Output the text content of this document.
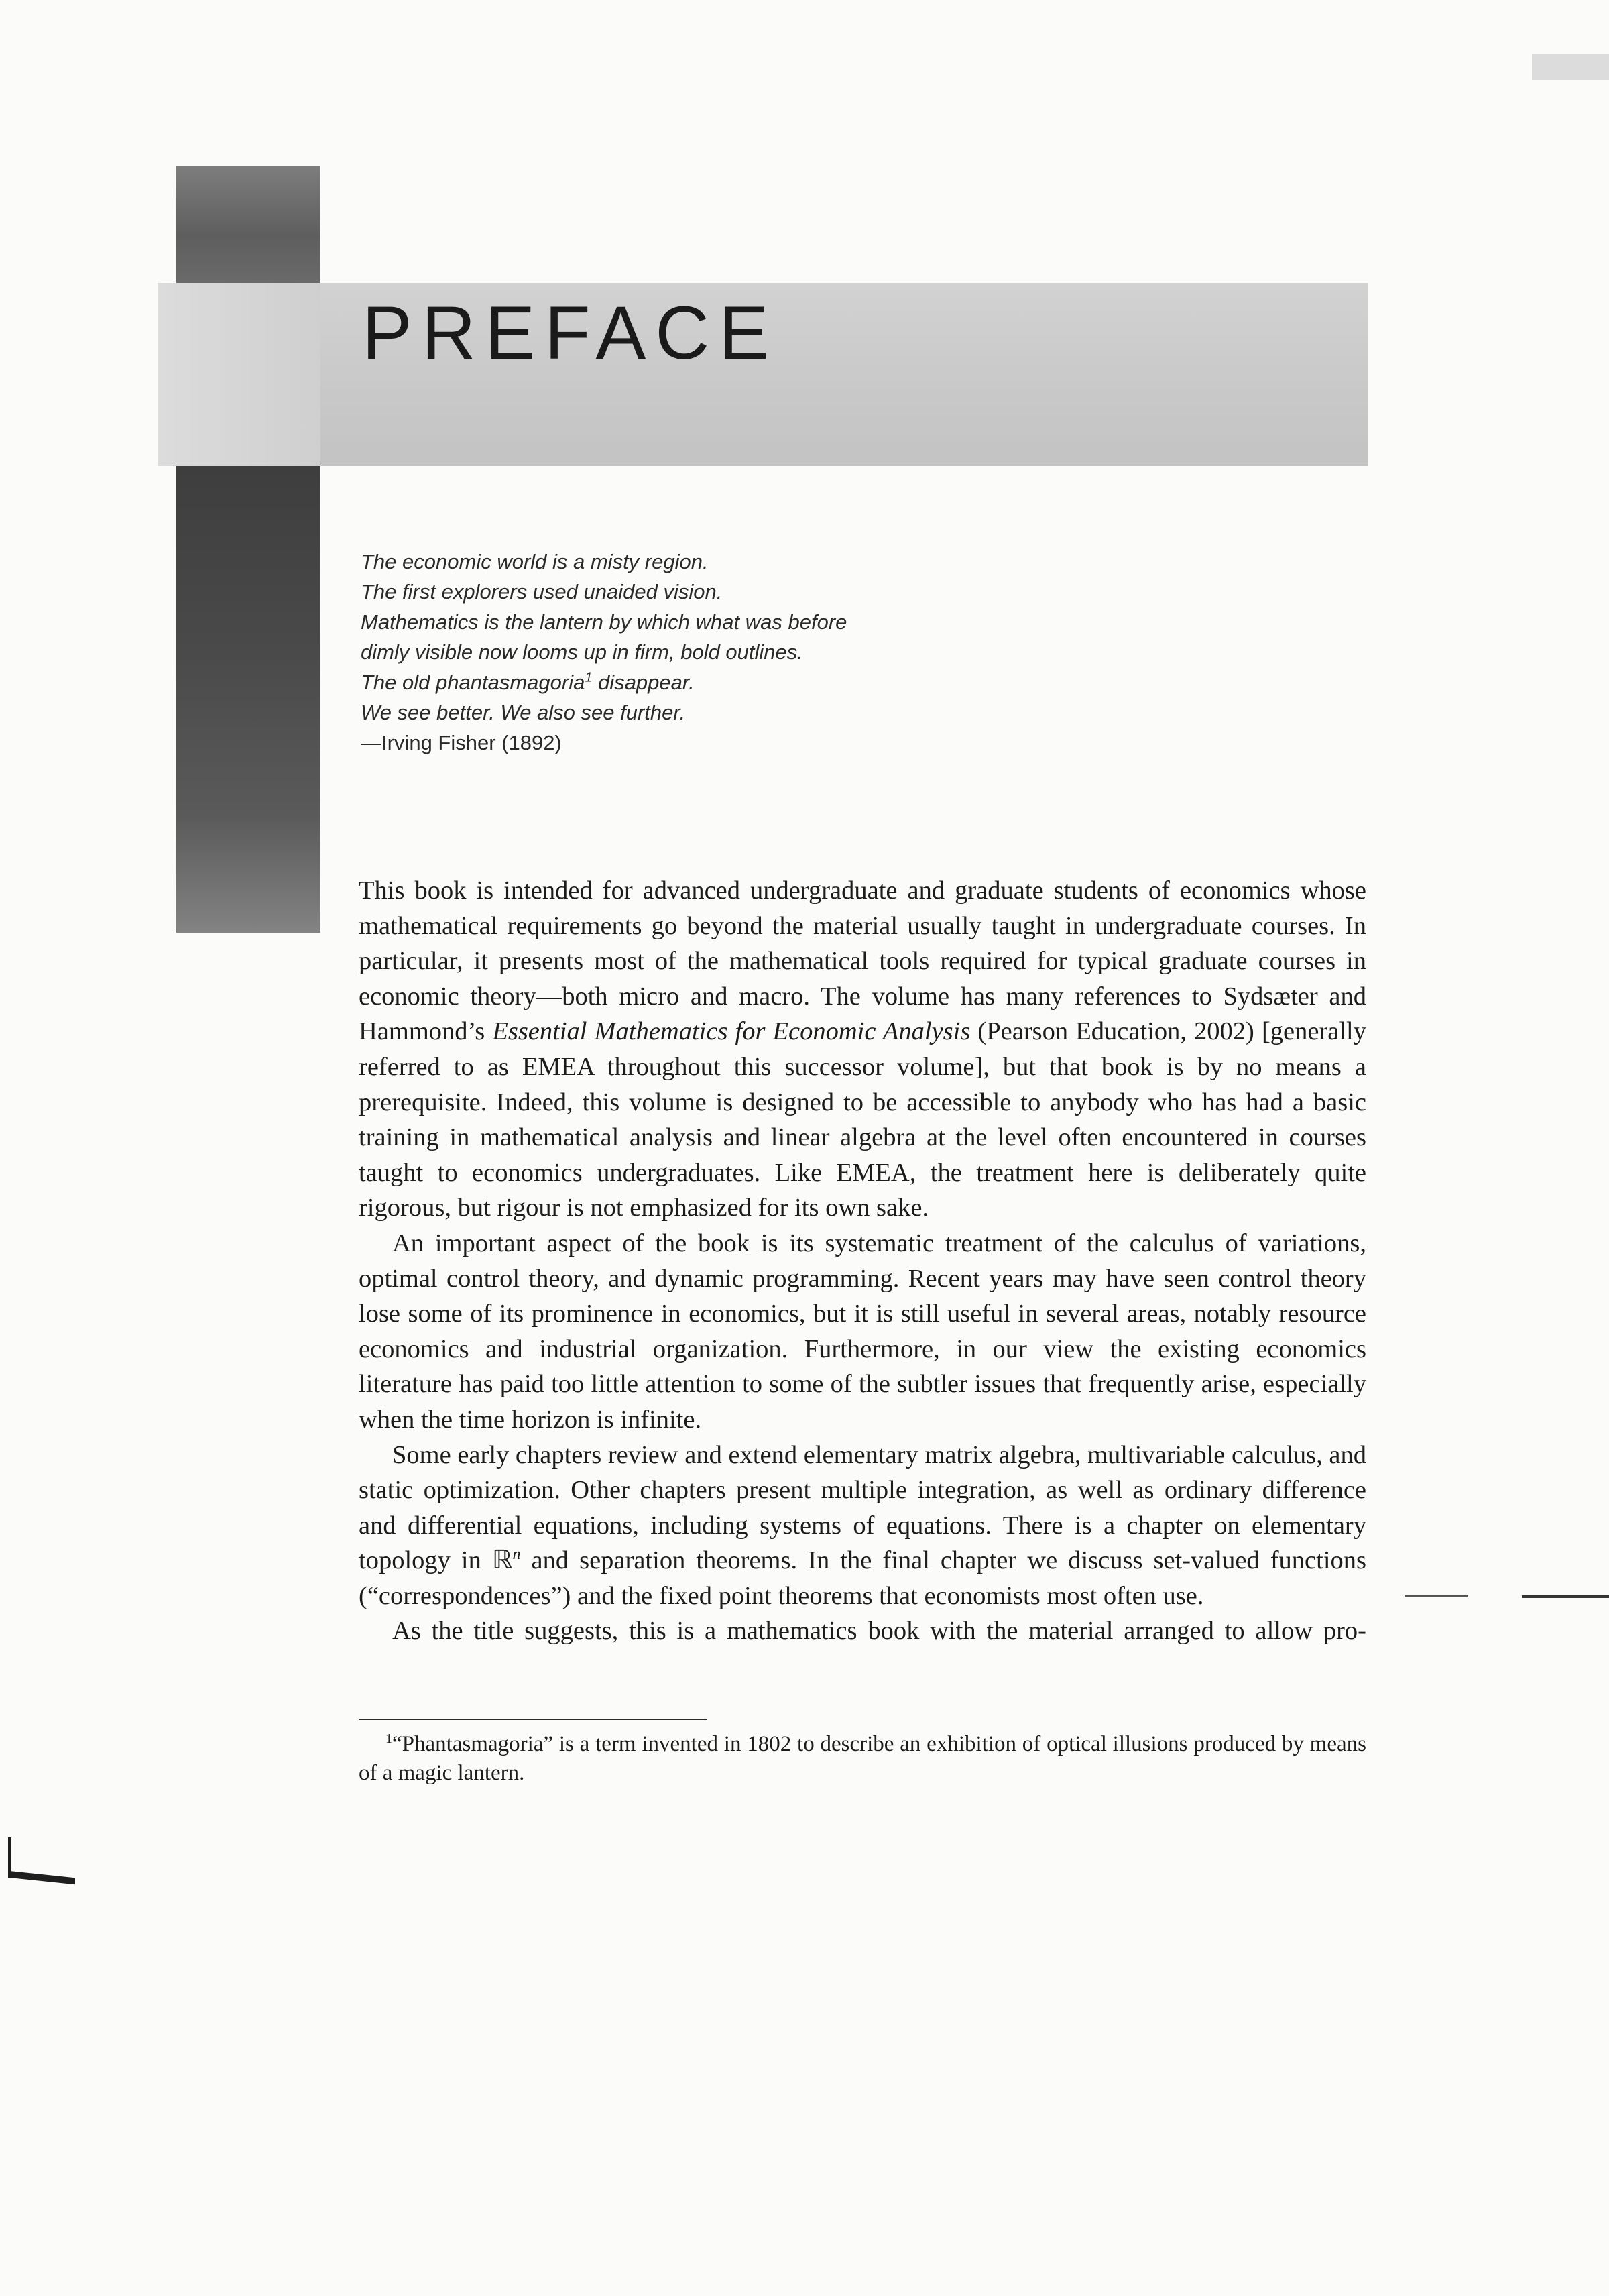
PREFACE
The economic world is a misty region.
The first explorers used unaided vision.
Mathematics is the lantern by which what was before
dimly visible now looms up in firm, bold outlines.
The old phantasmagoria$^1$ disappear.
We see better. We also see further.
—Irving Fisher (1892)

This book is intended for advanced undergraduate and graduate students of economics whose mathematical requirements go beyond the material usually taught in undergraduate courses. In particular, it presents most of the mathematical tools required for typical graduate courses in economic theory—both micro and macro. The volume has many references to Sydsæter and Hammond’s Essential Mathematics for Economic Analysis (Pearson Education, 2002) [generally referred to as EMEA throughout this successor volume], but that book is by no means a prerequisite. Indeed, this volume is designed to be accessible to anybody who has had a basic training in mathematical analysis and linear algebra at the level often encountered in courses taught to economics undergraduates. Like EMEA, the treatment here is deliberately quite rigorous, but rigour is not emphasized for its own sake.

An important aspect of the book is its systematic treatment of the calculus of variations, optimal control theory, and dynamic programming. Recent years may have seen control theory lose some of its prominence in economics, but it is still useful in several areas, notably resource economics and industrial organization. Furthermore, in our view the existing economics literature has paid too little attention to some of the subtler issues that frequently arise, especially when the time horizon is infinite.

Some early chapters review and extend elementary matrix algebra, multivariable calculus, and static optimization. Other chapters present multiple integration, as well as ordinary difference and differential equations, including systems of equations. There is a chapter on elementary topology in ℝ$^n$ and separation theorems. In the final chapter we discuss set-valued functions (“correspondences”) and the fixed point theorems that economists most often use.

As the title suggests, this is a mathematics book with the material arranged to allow pro-

$^1$“Phantasmagoria” is a term invented in 1802 to describe an exhibition of optical illusions produced by means of a magic lantern.
